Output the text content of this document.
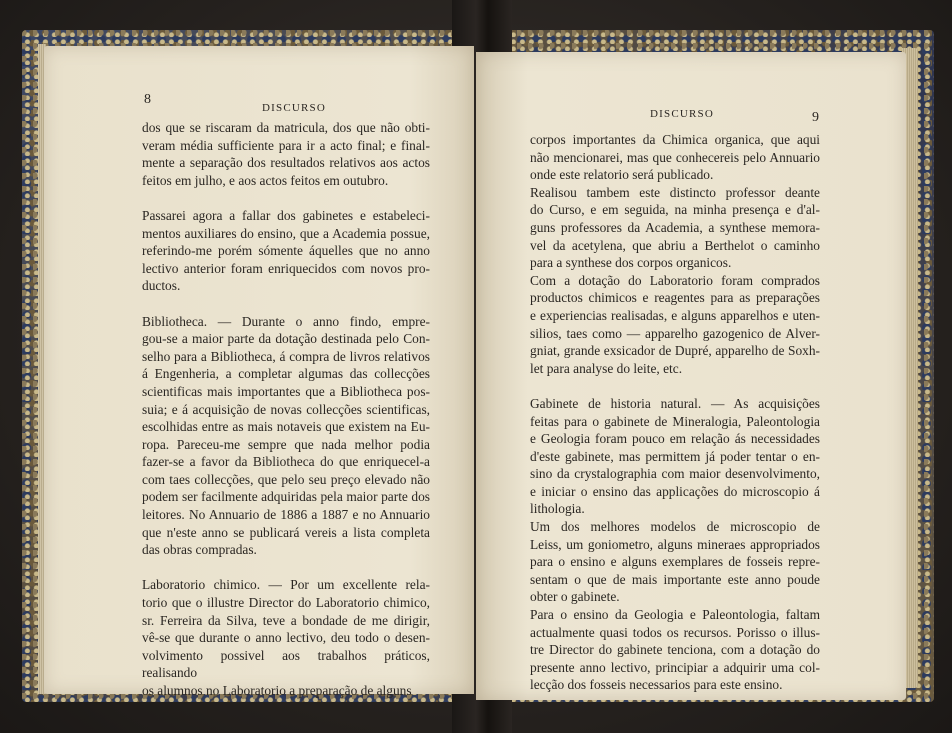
8
DISCURSO
dos que se riscaram da matricula, dos que não obti-
veram média sufficiente para ir a acto final; e final-
mente a separação dos resultados relativos aos actos
feitos em julho, e aos actos feitos em outubro.
Passarei agora a fallar dos gabinetes e estabeleci-
mentos auxiliares do ensino, que a Academia possue,
referindo-me porém sómente áquelles que no anno
lectivo anterior foram enriquecidos com novos pro-
ductos.
Bibliotheca. — Durante o anno findo, empre-
gou-se a maior parte da dotação destinada pelo Con-
selho para a Bibliotheca, á compra de livros relativos
á Engenheria, a completar algumas das collecções
scientificas mais importantes que a Bibliotheca pos-
suia; e á acquisição de novas collecções scientificas,
escolhidas entre as mais notaveis que existem na Eu-
ropa. Pareceu-me sempre que nada melhor podia
fazer-se a favor da Bibliotheca do que enriquecel-a
com taes collecções, que pelo seu preço elevado não
podem ser facilmente adquiridas pela maior parte dos
leitores. No Annuario de 1886 a 1887 e no Annuario
que n'este anno se publicará vereis a lista completa
das obras compradas.
Laboratorio chimico. — Por um excellente rela-
torio que o illustre Director do Laboratorio chimico,
sr. Ferreira da Silva, teve a bondade de me dirigir,
vê-se que durante o anno lectivo, deu todo o desen-
volvimento possivel aos trabalhos práticos, realisando
os alumnos no Laboratorio a preparação de alguns
DISCURSO	9
corpos importantes da Chimica organica, que aqui
não mencionarei, mas que conhecereis pelo Annuario
onde este relatorio será publicado.
Realisou tambem este distincto professor deante
do Curso, e em seguida, na minha presença e d'al-
guns professores da Academia, a synthese memora-
vel da acetylena, que abriu a Berthelot o caminho
para a synthese dos corpos organicos.
Com a dotação do Laboratorio foram comprados
productos chimicos e reagentes para as preparações
e experiencias realisadas, e alguns apparelhos e uten-
silios, taes como — apparelho gazogenico de Alver-
gniat, grande exsicador de Dupré, apparelho de Soxh-
let para analyse do leite, etc.
Gabinete de historia natural. — As acquisições
feitas para o gabinete de Mineralogia, Paleontologia
e Geologia foram pouco em relação ás necessidades
d'este gabinete, mas permittem já poder tentar o en-
sino da crystalographia com maior desenvolvimento,
e iniciar o ensino das applicações do microscopio á
lithologia.
Um dos melhores modelos de microscopio de
Leiss, um goniometro, alguns mineraes appropriados
para o ensino e alguns exemplares de fosseis repre-
sentam o que de mais importante este anno poude
obter o gabinete.
Para o ensino da Geologia e Paleontologia, faltam
actualmente quasi todos os recursos. Porisso o illus-
tre Director do gabinete tenciona, com a dotação do
presente anno lectivo, principiar a adquirir uma col-
lecção dos fosseis necessarios para este ensino.
